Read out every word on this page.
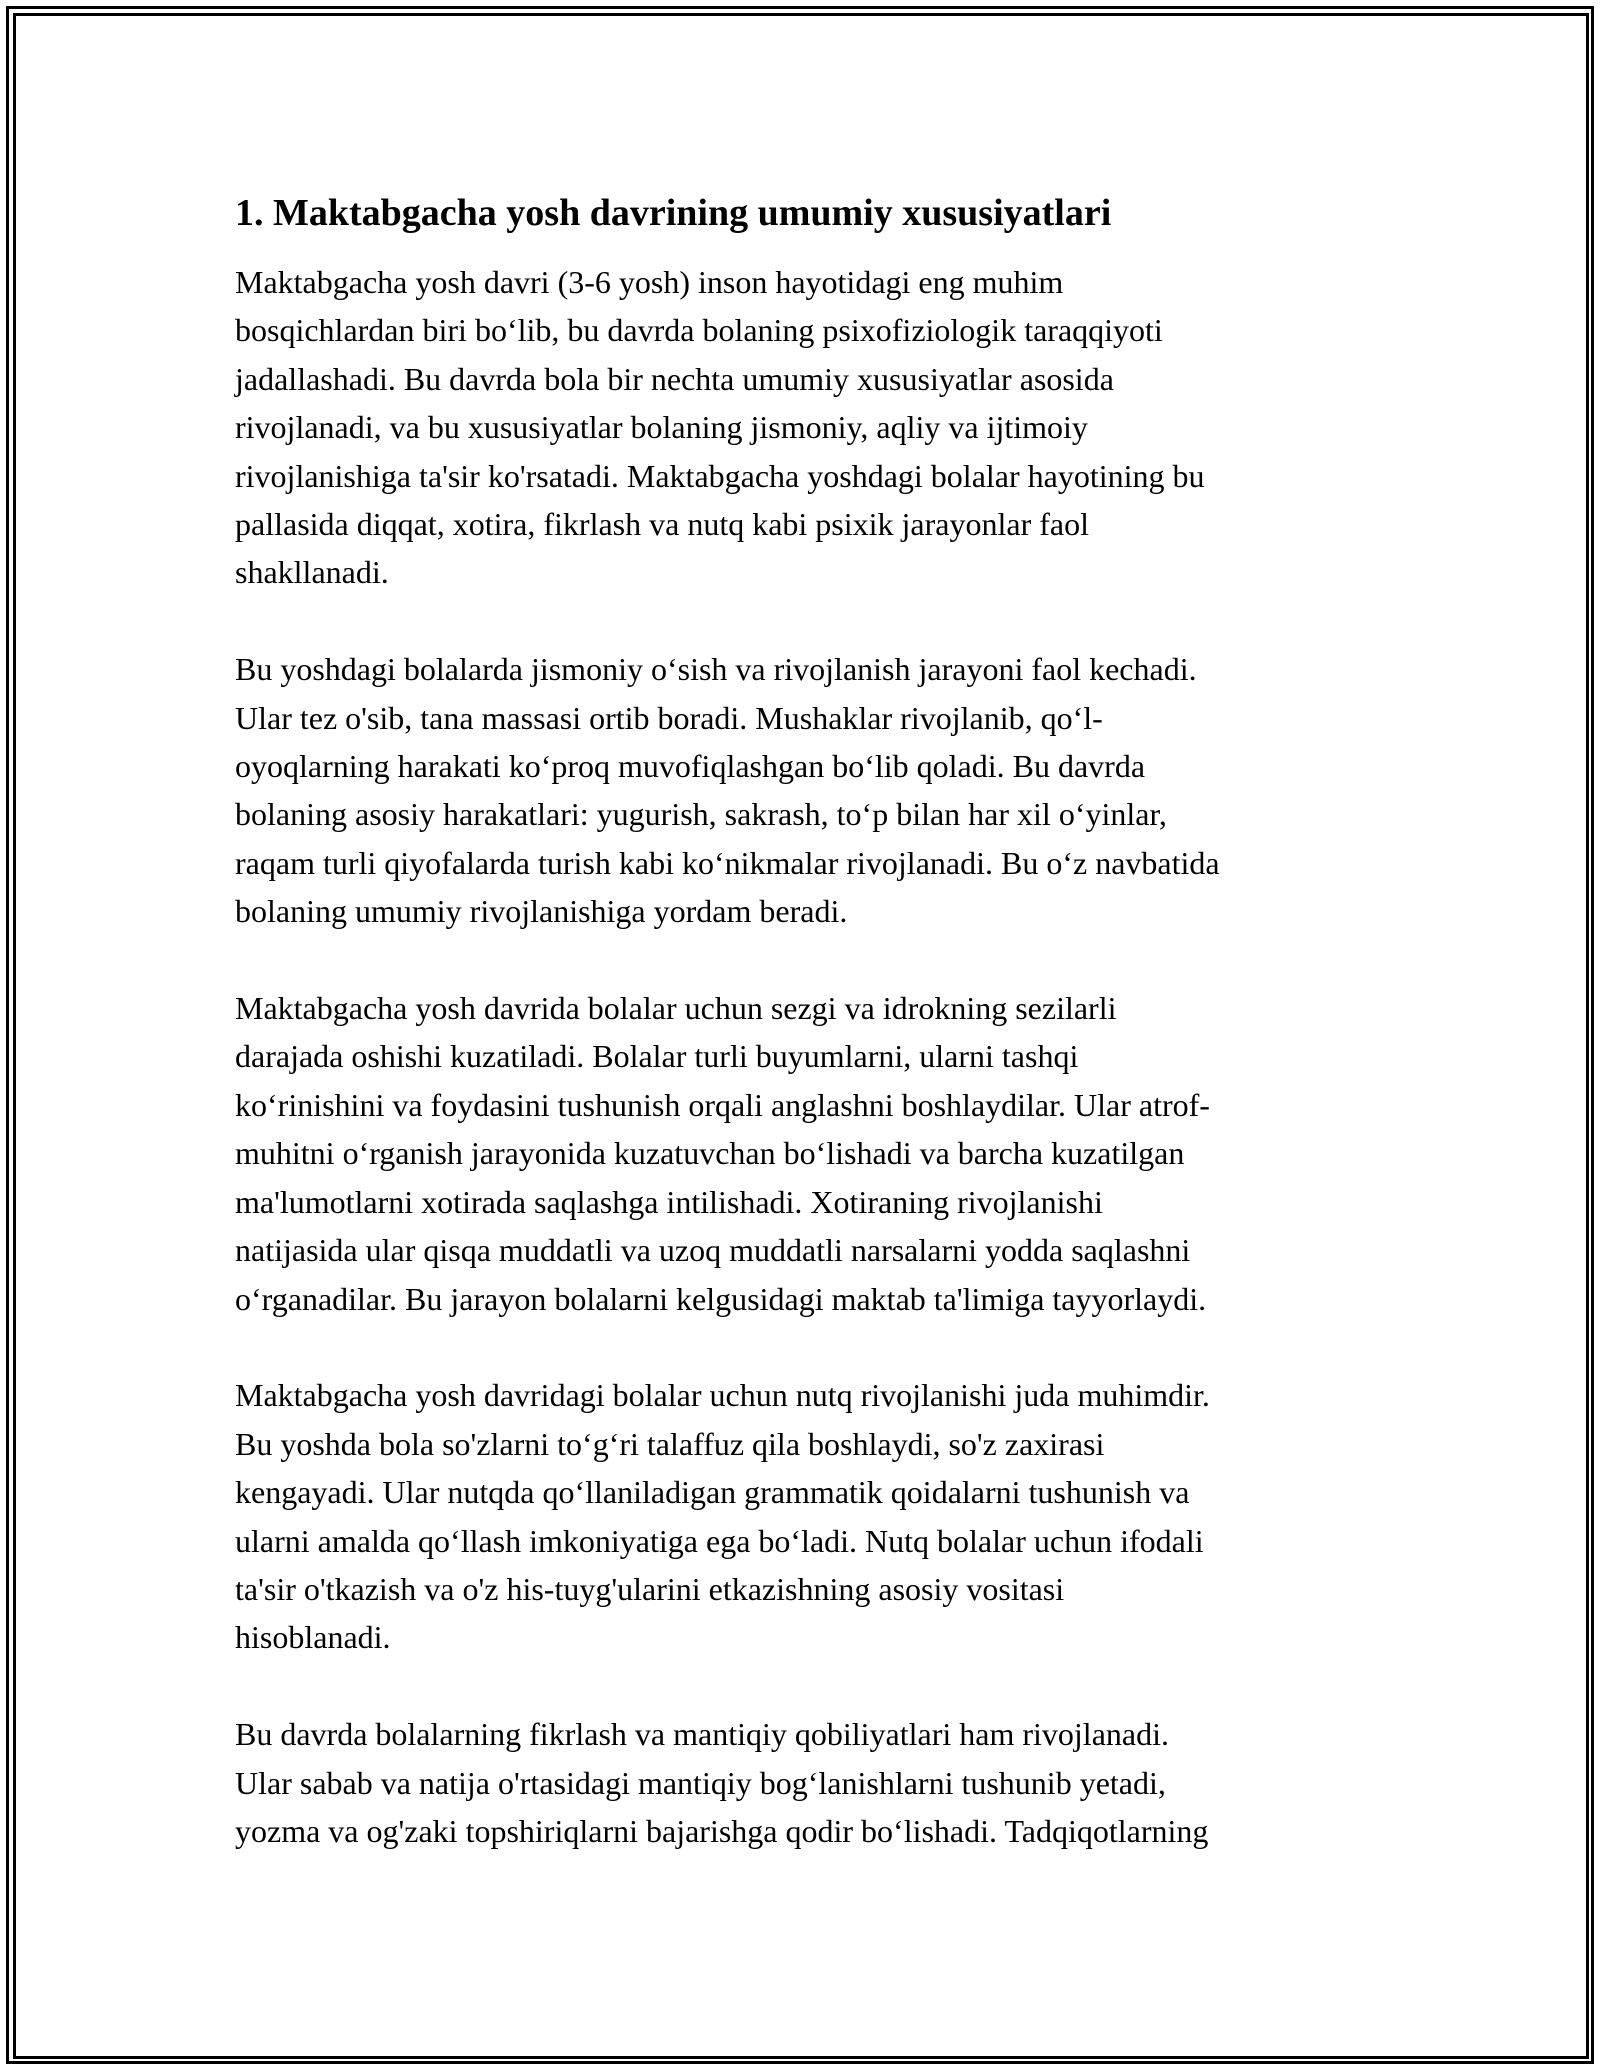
1. Maktabgacha yosh davrining umumiy xususiyatlari

Maktabgacha yosh davri (3-6 yosh) inson hayotidagi eng muhim
bosqichlardan biri bo‘lib, bu davrda bolaning psixofiziologik taraqqiyoti
jadallashadi. Bu davrda bola bir nechta umumiy xususiyatlar asosida
rivojlanadi, va bu xususiyatlar bolaning jismoniy, aqliy va ijtimoiy
rivojlanishiga ta'sir ko'rsatadi. Maktabgacha yoshdagi bolalar hayotining bu
pallasida diqqat, xotira, fikrlash va nutq kabi psixik jarayonlar faol
shakllanadi.

Bu yoshdagi bolalarda jismoniy o‘sish va rivojlanish jarayoni faol kechadi.
Ular tez o'sib, tana massasi ortib boradi. Mushaklar rivojlanib, qo‘l-
oyoqlarning harakati ko‘proq muvofiqlashgan bo‘lib qoladi. Bu davrda
bolaning asosiy harakatlari: yugurish, sakrash, to‘p bilan har xil o‘yinlar,
raqam turli qiyofalarda turish kabi ko‘nikmalar rivojlanadi. Bu o‘z navbatida
bolaning umumiy rivojlanishiga yordam beradi.

Maktabgacha yosh davrida bolalar uchun sezgi va idrokning sezilarli
darajada oshishi kuzatiladi. Bolalar turli buyumlarni, ularni tashqi
ko‘rinishini va foydasini tushunish orqali anglashni boshlaydilar. Ular atrof-
muhitni o‘rganish jarayonida kuzatuvchan bo‘lishadi va barcha kuzatilgan
ma'lumotlarni xotirada saqlashga intilishadi. Xotiraning rivojlanishi
natijasida ular qisqa muddatli va uzoq muddatli narsalarni yodda saqlashni
o‘rganadilar. Bu jarayon bolalarni kelgusidagi maktab ta'limiga tayyorlaydi.

Maktabgacha yosh davridagi bolalar uchun nutq rivojlanishi juda muhimdir.
Bu yoshda bola so'zlarni to‘g‘ri talaffuz qila boshlaydi, so'z zaxirasi
kengayadi. Ular nutqda qo‘llaniladigan grammatik qoidalarni tushunish va
ularni amalda qo‘llash imkoniyatiga ega bo‘ladi. Nutq bolalar uchun ifodali
ta'sir o'tkazish va o'z his-tuyg'ularini etkazishning asosiy vositasi
hisoblanadi.

Bu davrda bolalarning fikrlash va mantiqiy qobiliyatlari ham rivojlanadi.
Ular sabab va natija o'rtasidagi mantiqiy bog‘lanishlarni tushunib yetadi,
yozma va og'zaki topshiriqlarni bajarishga qodir bo‘lishadi. Tadqiqotlarning
